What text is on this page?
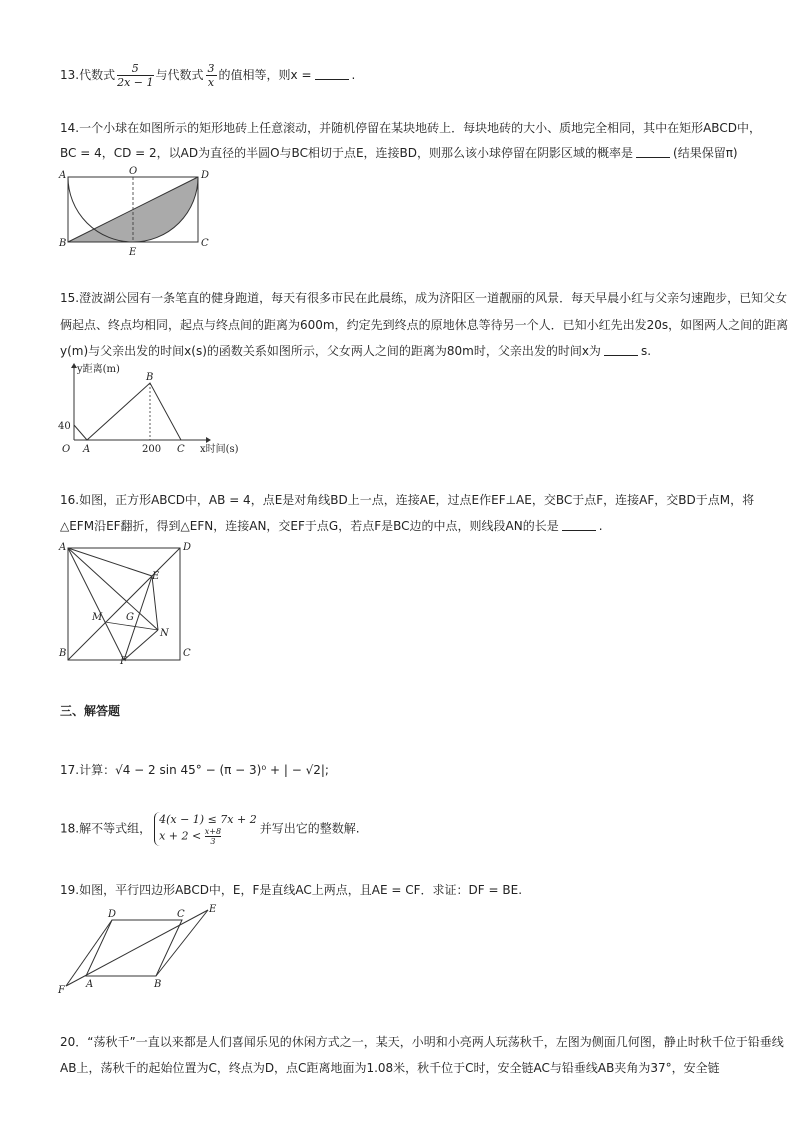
13.代数式 $\frac{5}{2x - 1}$ 与代数式 $\frac{3}{x}$ 的值相等，则x =	.
14.一个小球在如图所示的矩形地砖上任意滚动，并随机停留在某块地砖上．每块地砖的大小、质地完全相同，其中在矩形ABCD中，
BC = 4，CD = 2，以AD为直径的半圆O与BC相切于点E，连接BD，则那么该小球停留在阴影区域的概率是	(结果保留π)
A	O	D
B
E
C
15.澄波湖公园有一条笔直的健身跑道，每天有很多市民在此晨练，成为济阳区一道靓丽的风景．每天早晨小红与父亲匀速跑步，已知父女
俩起点、终点均相同，起点与终点间的距离为600m，约定先到终点的原地休息等待另一个人．已知小红先出发20s，如图两人之间的距离
y(m)与父亲出发的时间x(s)的函数关系如图所示，父女两人之间的距离为80m时，父亲出发的时间x为	s.
y距离(m)
x时间(s)
40
200
O A
B
C
16.如图，正方形ABCD中，AB = 4，点E是对角线BD上一点，连接AE，过点E作EF⊥AE，交BC于点F，连接AF，交BD于点M，将
△EFM沿EF翻折，得到△EFN，连接AN，交EF于点G，若点F是BC边的中点，则线段AN的长是	.
A	D
E
M G
N
B
F
C
三、解答题
17.计算：√4 − 2 sin 45° − (π − 3)⁰ + | − √2|;
18.解不等式组，
4(x − 1) ≤ 7x + 2
$x + 2 < \frac{x+8}{3}$	并写出它的整数解.
19.如图，平行四边形ABCD中，E，F是直线AC上两点，且AE = CF．求证：DF = BE.
D	C E
F
A	B
20．“荡秋千”一直以来都是人们喜闻乐见的休闲方式之一，某天，小明和小亮两人玩荡秋千，左图为侧面几何图，静止时秋千位于铅垂线
AB上，荡秋千的起始位置为C，终点为D，点C距离地面为1.08米，秋千位于C时，安全链AC与铅垂线AB夹角为37°，安全链
